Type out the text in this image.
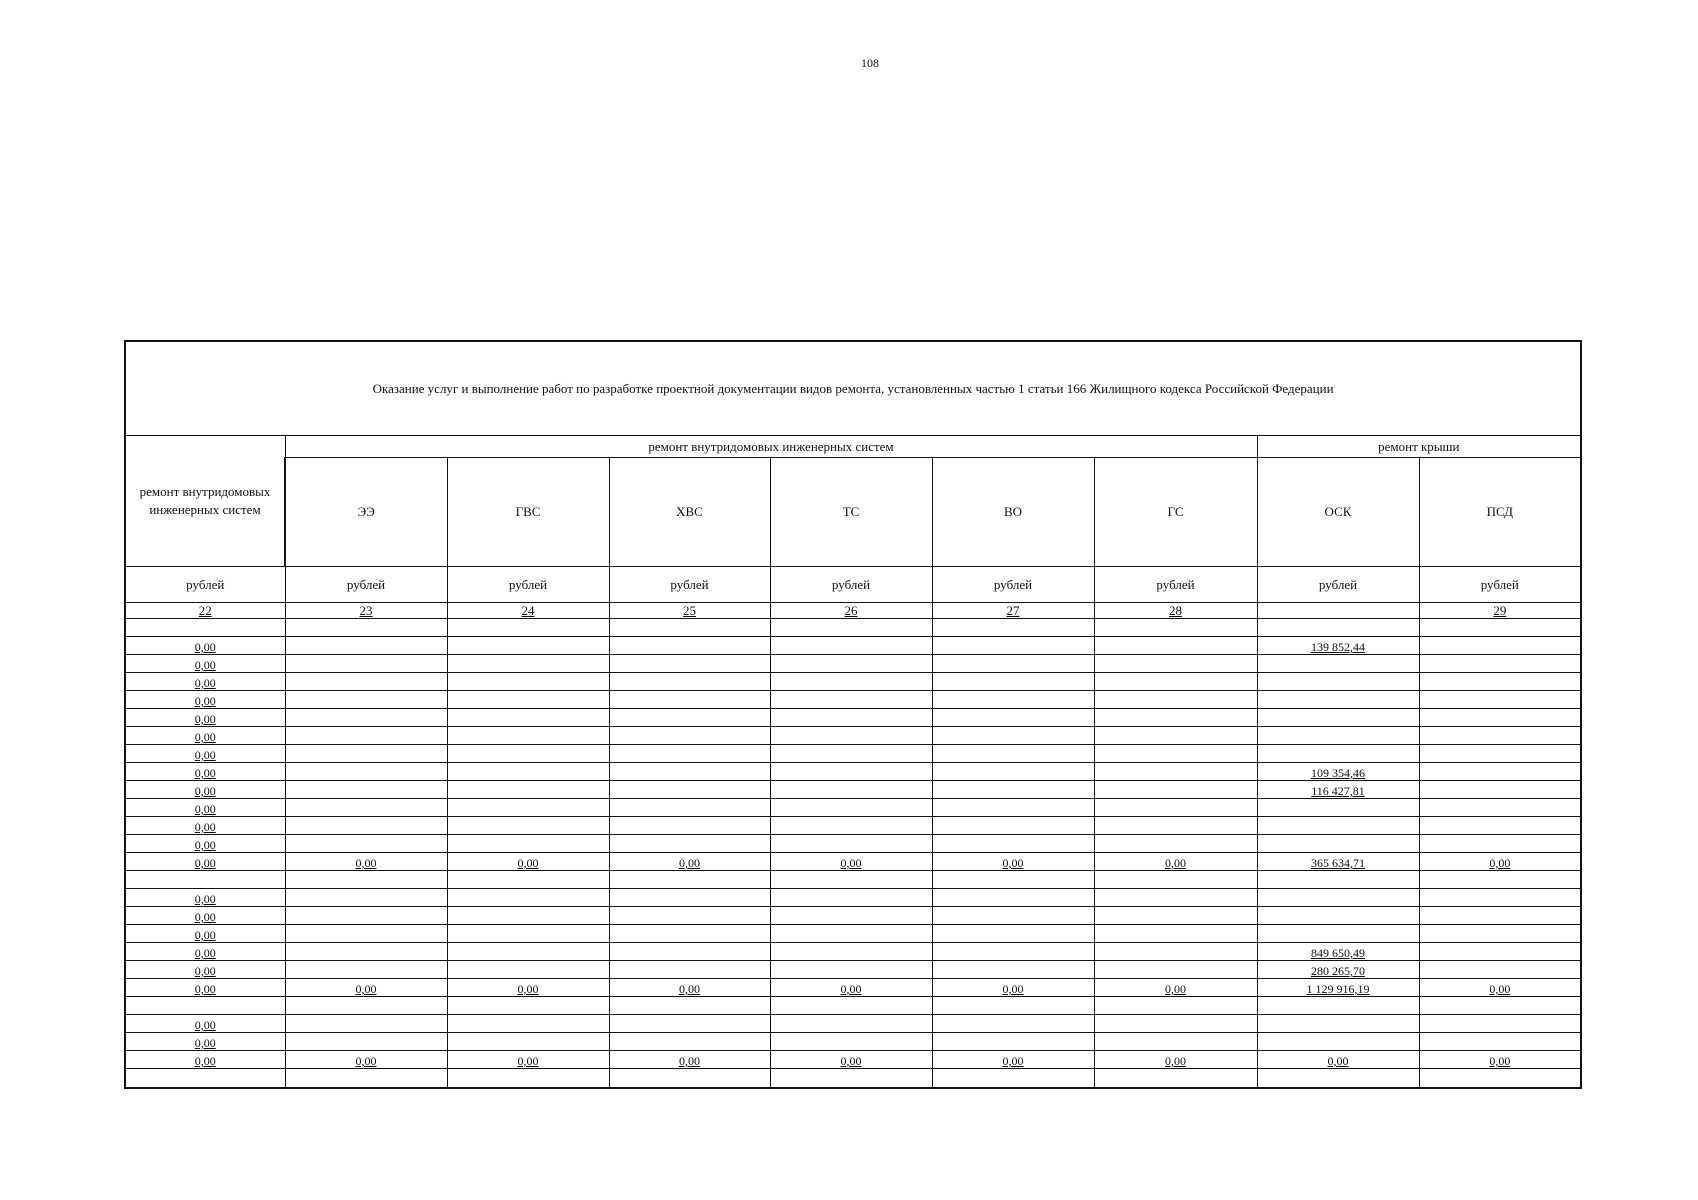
108
Оказание услуг и выполнение работ по разработке проектной документации видов ремонта, установленных частью 1 статьи 166 Жилищного кодекса Российской Федерации								
ремонт внутридомовых инженерных систем	ремонт внутридомовых инженерных систем						ремонт крыши	
	ЭЭ	ГВС	ХВС	ТС	ВО	ГС	ОСК	ПСД
рублей	рублей	рублей	рублей	рублей	рублей	рублей	рублей	рублей
22	23	24	25	26	27	28		29

0,00							139 852,44	
0,00								
0,00								
0,00								
0,00								
0,00								
0,00								
0,00							109 354,46	
0,00							116 427,81	
0,00								
0,00								
0,00								
0,00	0,00	0,00	0,00	0,00	0,00	0,00	365 634,71	0,00

0,00								
0,00								
0,00								
0,00							849 650,49	
0,00							280 265,70	
0,00	0,00	0,00	0,00	0,00	0,00	0,00	1 129 916,19	0,00

0,00								
0,00								
0,00	0,00	0,00	0,00	0,00	0,00	0,00	0,00	0,00
